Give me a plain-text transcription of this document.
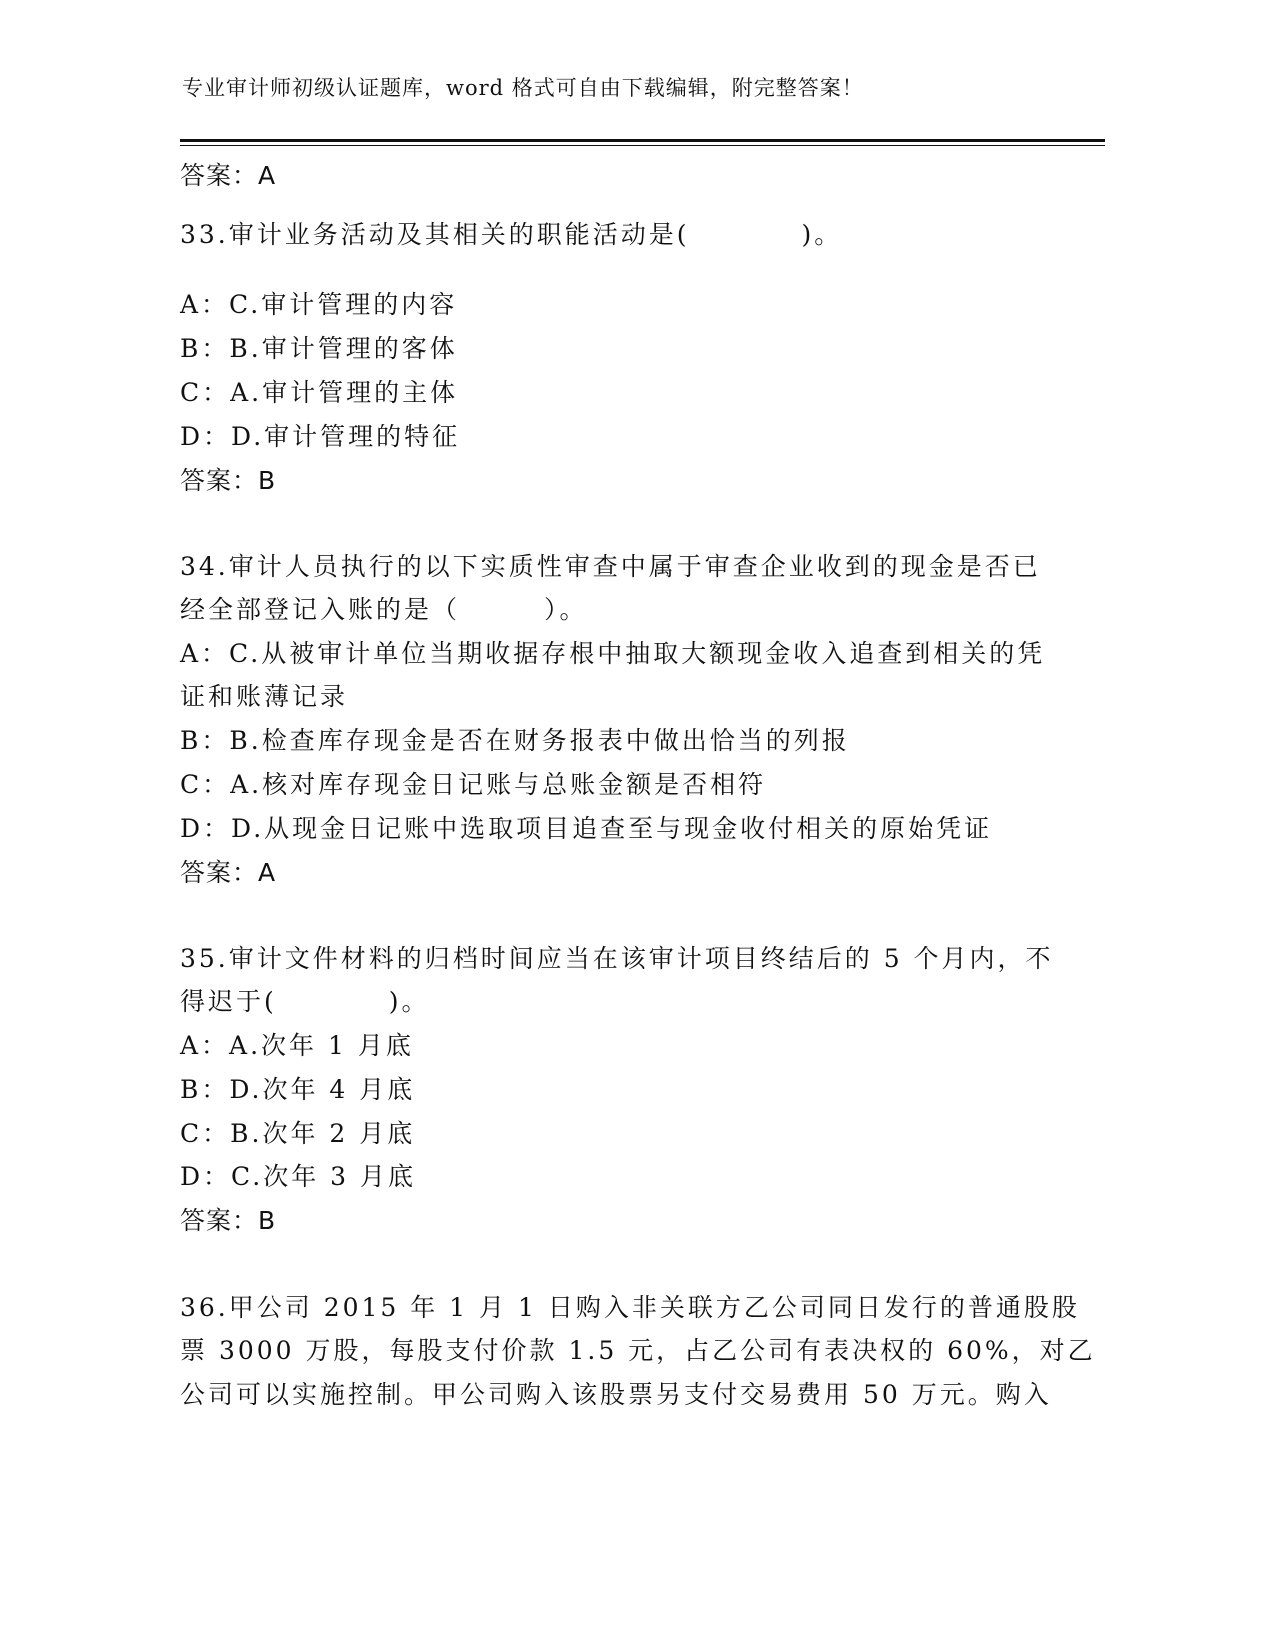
专业审计师初级认证题库，word 格式可自由下载编辑，附完整答案！
答案：A
33.审计业务活动及其相关的职能活动是(　　　　)。
A：C.审计管理的内容
B：B.审计管理的客体
C：A.审计管理的主体
D：D.审计管理的特征
答案：B
34.审计人员执行的以下实质性审查中属于审查企业收到的现金是否已
经全部登记入账的是（　　　）。
A：C.从被审计单位当期收据存根中抽取大额现金收入追查到相关的凭
证和账薄记录
B：B.检查库存现金是否在财务报表中做出恰当的列报
C：A.核对库存现金日记账与总账金额是否相符
D：D.从现金日记账中选取项目追查至与现金收付相关的原始凭证
答案：A
35.审计文件材料的归档时间应当在该审计项目终结后的 5 个月内，不
得迟于(　　　　)。
A：A.次年 1 月底
B：D.次年 4 月底
C：B.次年 2 月底
D：C.次年 3 月底
答案：B
36.甲公司 2015 年 1 月 1 日购入非关联方乙公司同日发行的普通股股
票 3000 万股，每股支付价款 1.5 元，占乙公司有表决权的 60%，对乙
公司可以实施控制。甲公司购入该股票另支付交易费用 50 万元。购入
